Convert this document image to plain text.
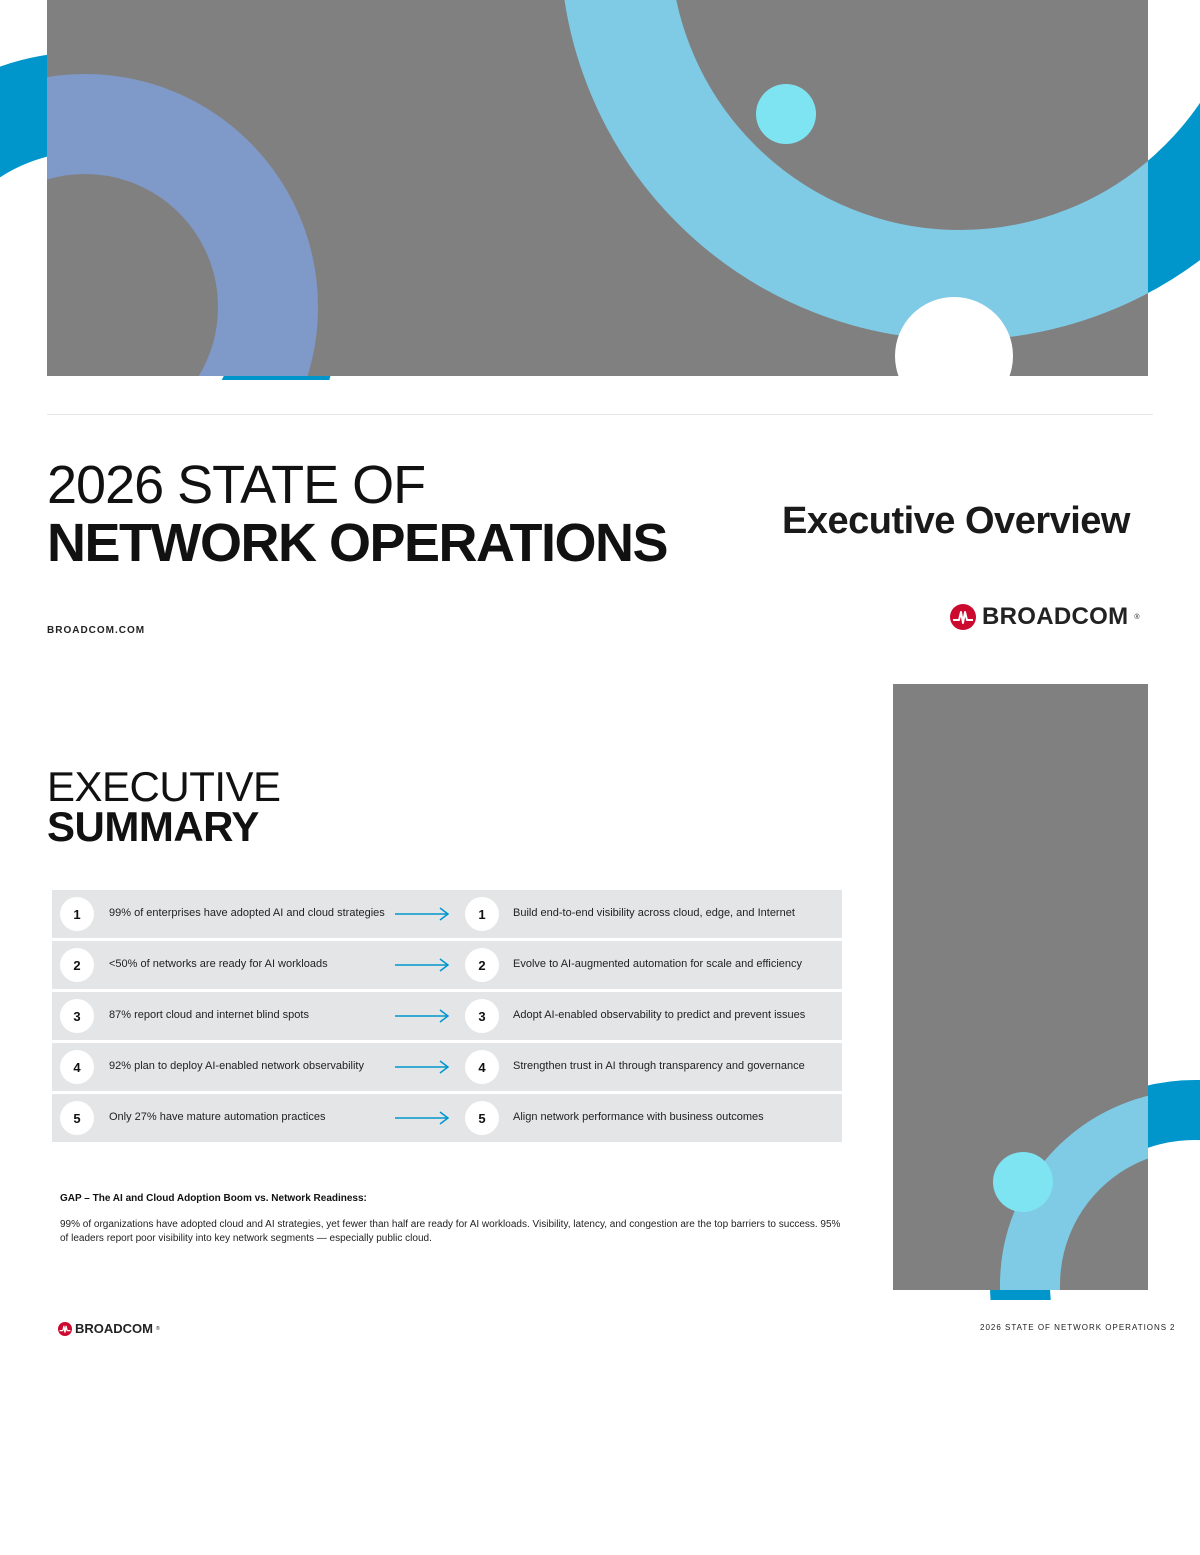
2026 STATE OF
NETWORK OPERATIONS	Executive Overview
BROADCOM.COM
BROADCOM ®
EXECUTIVE
SUMMARY
1	99% of enterprises have adopted AI and cloud strategies	1	Build end-to-end visibility across cloud, edge, and Internet
2	<50% of networks are ready for AI workloads	2	Evolve to AI-augmented automation for scale and efficiency
3	87% report cloud and internet blind spots	3	Adopt AI-enabled observability to predict and prevent issues
4	92% plan to deploy AI-enabled network observability	4	Strengthen trust in AI through transparency and governance
5	Only 27% have mature automation practices	5	Align network performance with business outcomes
GAP – The AI and Cloud Adoption Boom vs. Network Readiness:
99% of organizations have adopted cloud and AI strategies, yet fewer than half are ready for AI workloads. Visibility, latency, and congestion are the top barriers to success. 95% of leaders report poor visibility into key network segments — especially public cloud.
BROADCOM ®	2026 STATE OF NETWORK OPERATIONS 2
